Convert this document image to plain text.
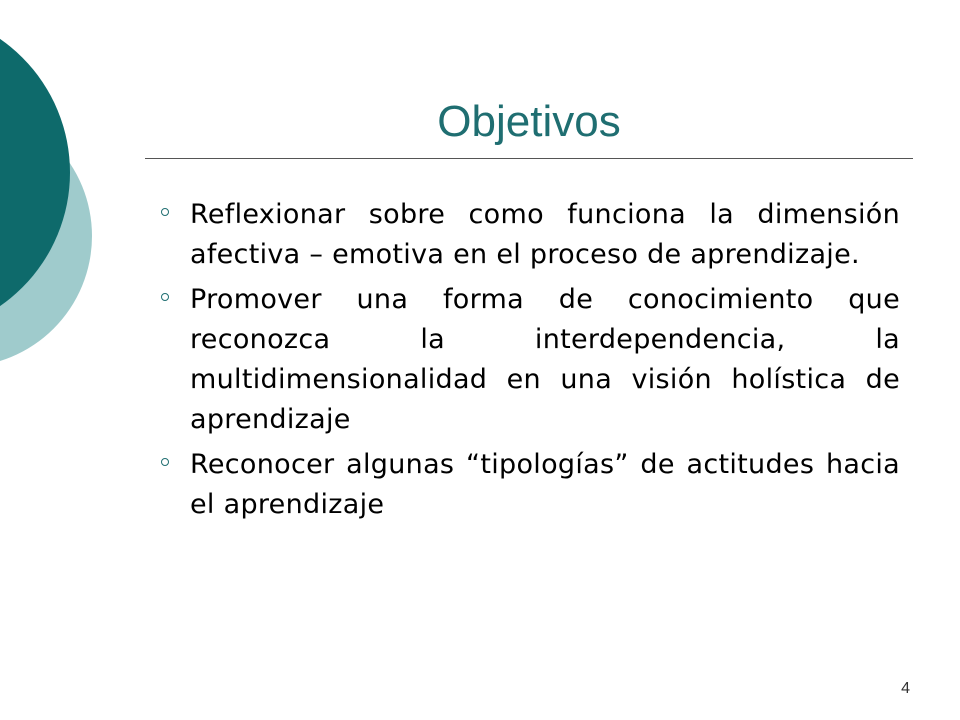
Objetivos
Reflexionar sobre como funciona la dimensión afectiva – emotiva en el proceso de aprendizaje.
Promover una forma de conocimiento que reconozca la interdependencia, la multidimensionalidad en una visión holística de aprendizaje
Reconocer algunas “tipologías” de actitudes hacia el aprendizaje
4
